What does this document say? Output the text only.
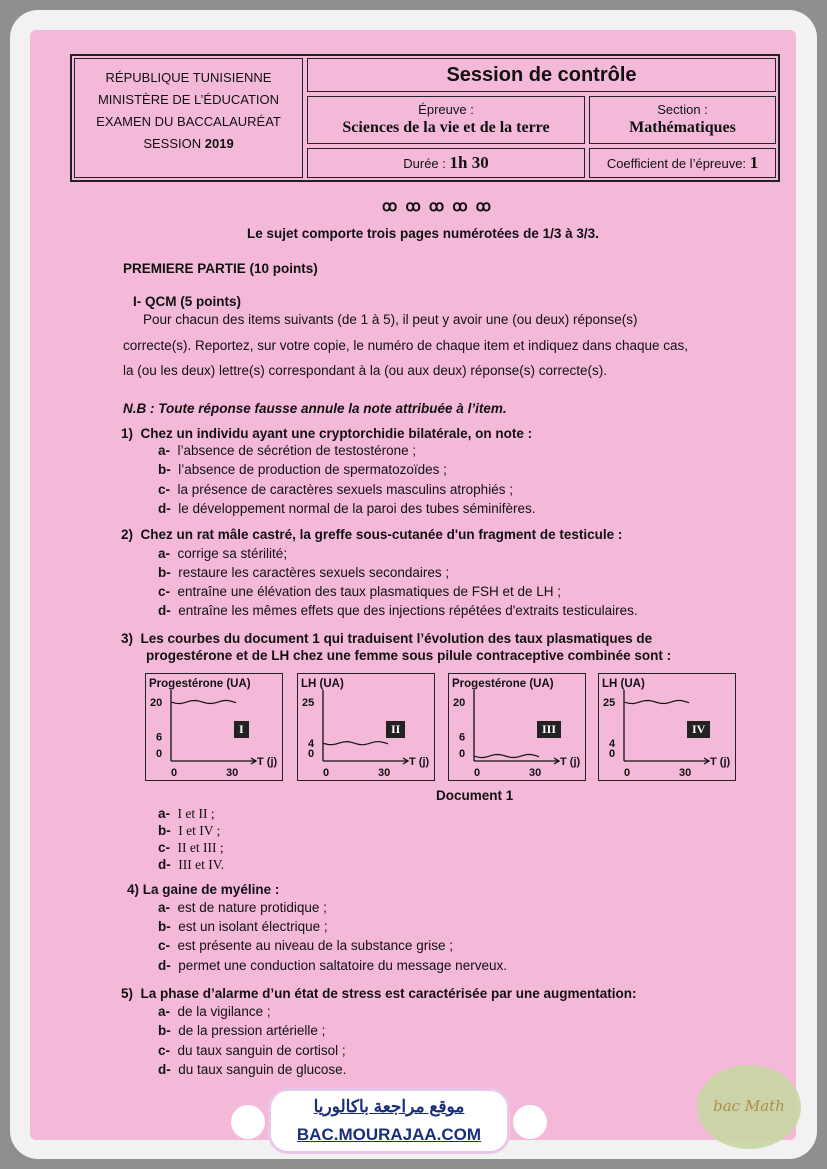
RÉPUBLIQUE TUNISIENNE
MINISTÈRE DE L’ÉDUCATION
EXAMEN DU BACCALAURÉAT
SESSION 2019
Session de contrôle
Épreuve :
Sciences de la vie et de la terre
Section :
Mathématiques
Durée : 1h 30	Coefficient de l’épreuve: 1
ꝏ ꝏ ꝏ ꝏ ꝏ
Le sujet comporte trois pages numérotées de 1/3 à 3/3.
PREMIERE PARTIE (10 points)
I- QCM (5 points)
Pour chacun des items suivants (de 1 à 5), il peut y avoir une (ou deux) réponse(s)
correcte(s). Reportez, sur votre copie, le numéro de chaque item et indiquez dans chaque cas,
la (ou les deux) lettre(s) correspondant à la (ou aux deux) réponse(s) correcte(s).
N.B : Toute réponse fausse annule la note attribuée à l’item.
1) Chez un individu ayant une cryptorchidie bilatérale, on note :
a- l’absence de sécrétion de testostérone ;
b- l’absence de production de spermatozoïdes ;
c- la présence de caractères sexuels masculins atrophiés ;
d- le développement normal de la paroi des tubes séminifères.
2) Chez un rat mâle castré, la greffe sous-cutanée d'un fragment de testicule :
a- corrige sa stérilité;
b- restaure les caractères sexuels secondaires ;
c- entraîne une élévation des taux plasmatiques de FSH et de LH ;
d- entraîne les mêmes effets que des injections répétées d'extraits testiculaires.
3) Les courbes du document 1 qui traduisent l’évolution des taux plasmatiques de
progestérone et de LH chez une femme sous pilule contraceptive combinée sont :
Progestérone (UA)
T (j)
20
6
0
0	30
I
LH (UA)
T (j)
25
4
0
0	30
II
Progestérone (UA)
T (j)
20
6
0
0	30
III
LH (UA)
T (j)
25
4
0
0	30
IV
Document 1
a- I et II ;
b- I et IV ;
c- II et III ;
d- III et IV.
4) La gaine de myéline :
a- est de nature protidique ;
b- est un isolant électrique ;
c- est présente au niveau de la substance grise ;
d- permet une conduction saltatoire du message nerveux.
5) La phase d’alarme d’un état de stress est caractérisée par une augmentation:
a- de la vigilance ;
b- de la pression artérielle ;
c- du taux sanguin de cortisol ;
d- du taux sanguin de glucose.
موقع مراجعة باكالوريا
BAC.MOURAJAA.COM
bac Math
